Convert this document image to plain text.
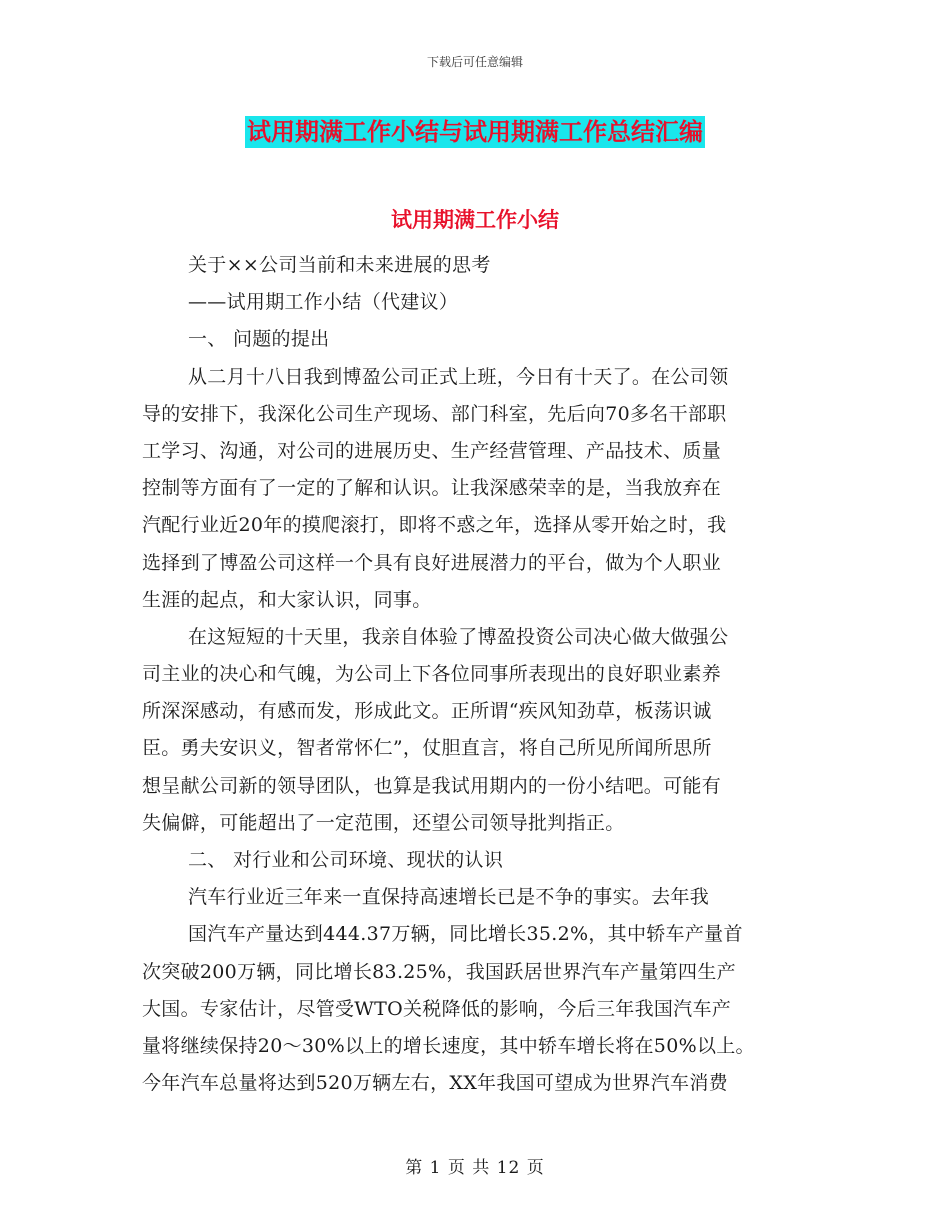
下载后可任意编辑
试用期满工作小结与试用期满工作总结汇编
试用期满工作小结
关于××公司当前和未来进展的思考
——试用期工作小结（代建议）
一、 问题的提出
从二月十八日我到博盈公司正式上班，今日有十天了。在公司领
导的安排下，我深化公司生产现场、部门科室，先后向70多名干部职
工学习、沟通，对公司的进展历史、生产经营管理、产品技术、质量
控制等方面有了一定的了解和认识。让我深感荣幸的是，当我放弃在
汽配行业近20年的摸爬滚打，即将不惑之年，选择从零开始之时，我
选择到了博盈公司这样一个具有良好进展潜力的平台，做为个人职业
生涯的起点，和大家认识，同事。
在这短短的十天里，我亲自体验了博盈投资公司决心做大做强公
司主业的决心和气魄，为公司上下各位同事所表现出的良好职业素养
所深深感动，有感而发，形成此文。正所谓“疾风知劲草，板荡识诚
臣。勇夫安识义，智者常怀仁”，仗胆直言，将自己所见所闻所思所
想呈献公司新的领导团队，也算是我试用期内的一份小结吧。可能有
失偏僻，可能超出了一定范围，还望公司领导批判指正。
二、 对行业和公司环境、现状的认识
汽车行业近三年来一直保持高速增长已是不争的事实。去年我
国汽车产量达到444.37万辆，同比增长35.2%，其中轿车产量首
次突破200万辆，同比增长83.25%，我国跃居世界汽车产量第四生产
大国。专家估计，尽管受WTO关税降低的影响，今后三年我国汽车产
量将继续保持20～30%以上的增长速度，其中轿车增长将在50%以上。
今年汽车总量将达到520万辆左右，XX年我国可望成为世界汽车消费
第 1 页 共 12 页
